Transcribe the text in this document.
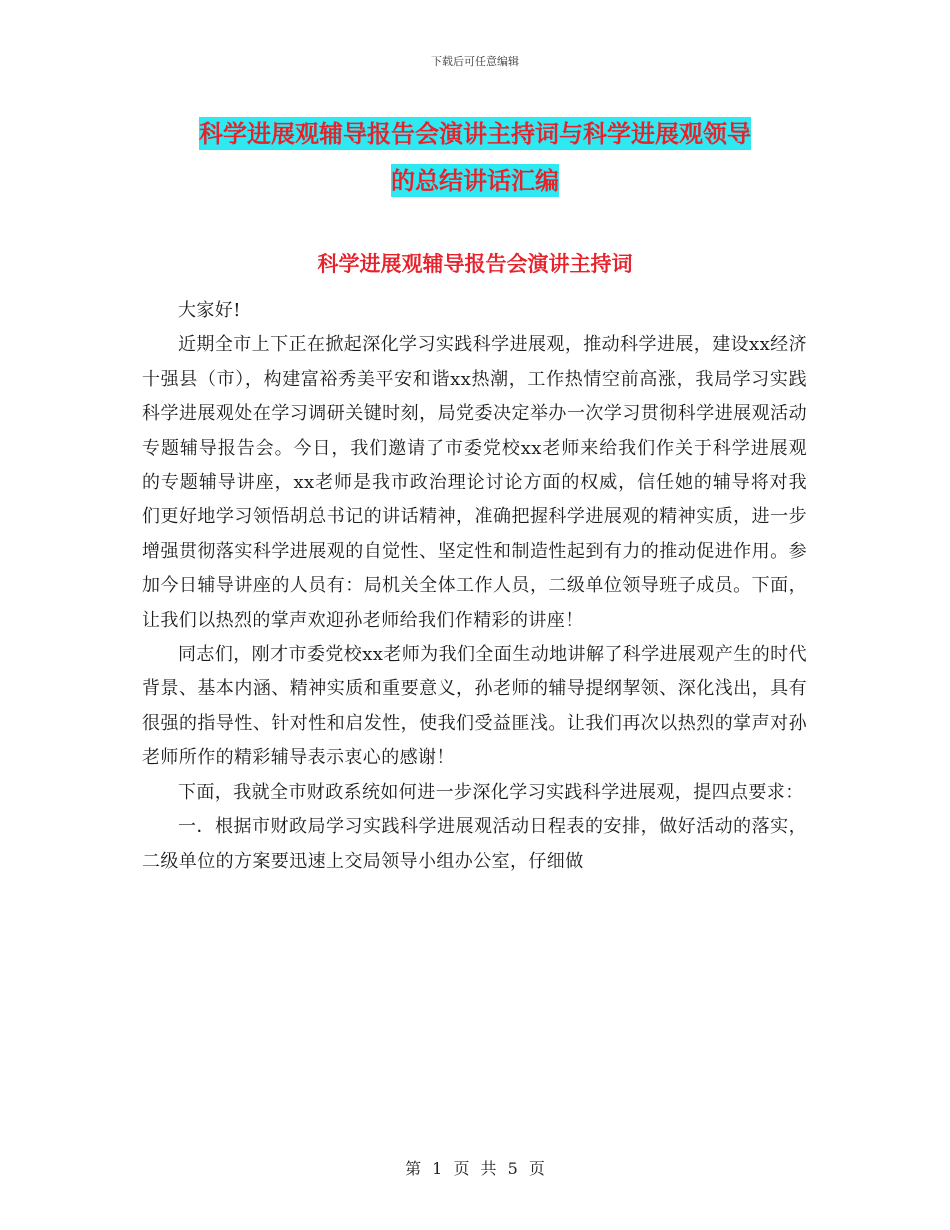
下载后可任意编辑
科学进展观辅导报告会演讲主持词与科学进展观领导
的总结讲话汇编
科学进展观辅导报告会演讲主持词

大家好!

近期全市上下正在掀起深化学习实践科学进展观，推动科学进展，建设xx经济十强县（市），构建富裕秀美平安和谐xx热潮，工作热情空前高涨，我局学习实践科学进展观处在学习调研关键时刻，局党委决定举办一次学习贯彻科学进展观活动专题辅导报告会。今日，我们邀请了市委党校xx老师来给我们作关于科学进展观的专题辅导讲座，xx老师是我市政治理论讨论方面的权威，信任她的辅导将对我们更好地学习领悟胡总书记的讲话精神，准确把握科学进展观的精神实质，进一步增强贯彻落实科学进展观的自觉性、坚定性和制造性起到有力的推动促进作用。参加今日辅导讲座的人员有：局机关全体工作人员，二级单位领导班子成员。下面，让我们以热烈的掌声欢迎孙老师给我们作精彩的讲座！

同志们，刚才市委党校xx老师为我们全面生动地讲解了科学进展观产生的时代背景、基本内涵、精神实质和重要意义，孙老师的辅导提纲挈领、深化浅出，具有很强的指导性、针对性和启发性，使我们受益匪浅。让我们再次以热烈的掌声对孙老师所作的精彩辅导表示衷心的感谢！

下面，我就全市财政系统如何进一步深化学习实践科学进展观，提四点要求：

一．根据市财政局学习实践科学进展观活动日程表的安排，做好活动的落实，二级单位的方案要迅速上交局领导小组办公室，仔细做

第 1 页 共 5 页
